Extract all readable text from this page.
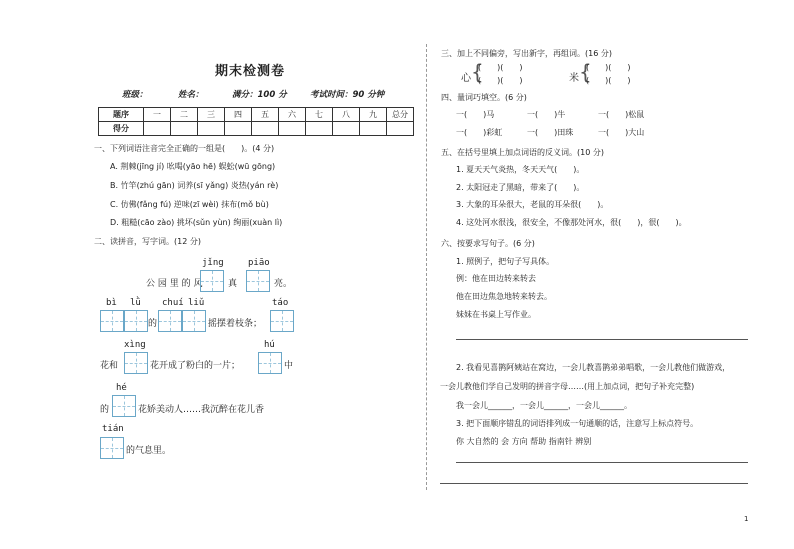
期末检测卷
班级：	姓名：	满分：100 分	考试时间：90 分钟
题序	一	二	三	四	五	六	七	八	九	总分
得分										
一、下列词语注音完全正确的一组是(　　)。(4 分)
A. 荆棘(jīng jí) 吆喝(yāo hē) 蜈蚣(wū gōng)
B. 竹竿(zhú gān) 词养(sī yǎng) 炎热(yán rè)
C. 仿佛(fǎng fú) 逆味(zī wèi) 抹布(mǒ bù)
D. 粗糙(cāo zào) 挑坏(sǔn yùn) 绚丽(xuàn lì)
二、读拼音，写字词。(12 分)
jǐng	piāo
公 园 里 的 风	真	亮。
bì lǜ chuí liǔ	táo
的	摇摆着枝条；
xìng	hú
花和	花开成了粉白的一片；	中
hé
的	花娇美动人……我沉醉在花儿香
tián
的气息里。
三、加上不同偏旁，写出新字，再组词。(16 分)
心 {
(　　)(　　)
(　　)(　　)	米 {
(　　)(　　)
(　　)(　　)
四、量词巧填空。(6 分)
一(　　)马	一(　　)牛	一(　　)松鼠
一(　　)彩虹	一(　　)田珠	一(　　)大山
五、在括号里填上加点词语的反义词。(10 分)
1. 夏天天气炎热，冬天天气(　　)。
2. 太阳冠走了黑暗，带来了(　　)。
3. 大象的耳朵很大，老鼠的耳朵很(　　)。
4. 这处河水很浅，很安全，不像那处河水，很(　　)，很(　　)。
六、按要求写句子。(6 分)
1. 照例子，把句子写具体。
例：他在田边转来转去
他在田边焦急地转来转去。
妹妹在书桌上写作业。
2. 我看见喜鹊阿姨站在窝边，一会儿教喜鹊弟弟唱歌，一会儿教他们做游戏，
一会儿教他们学自己发明的拼音字母……(用上加点词，把句子补充完整)
我一会儿______，一会儿______，一会儿______。
3. 把下面顺序错乱的词语排列成一句通顺的话，注意写上标点符号。
你 大自然的 会 方向 帮助 指南针 辨别
1
